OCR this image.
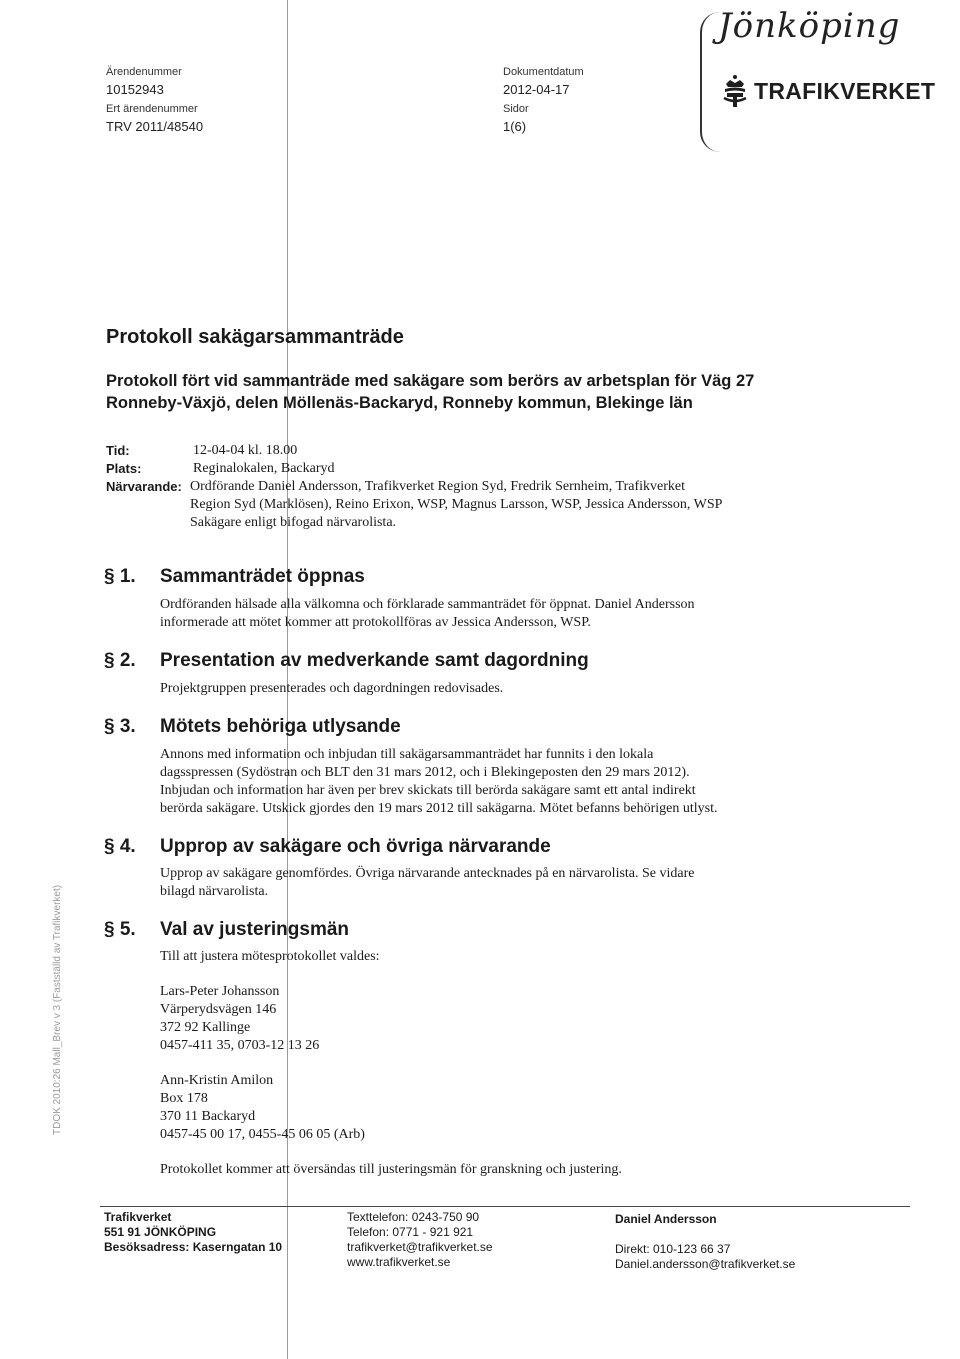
Ärendenummer
10152943
Ert ärendenummer
TRV 2011/48540
Dokumentdatum
2012-04-17
Sidor
1(6)
Jönköping
TRAFIKVERKET
Protokoll sakägarsammanträde
Protokoll fört vid sammanträde med sakägare som berörs av arbetsplan för Väg 27
Ronneby-Växjö, delen Möllenäs-Backaryd, Ronneby kommun, Blekinge län
Tid:	12-04-04 kl. 18.00
Plats:	Reginalokalen, Backaryd
Närvarande: Ordförande Daniel Andersson, Trafikverket Region Syd, Fredrik Sernheim, Trafikverket
Region Syd (Marklösen), Reino Erixon, WSP, Magnus Larsson, WSP, Jessica Andersson, WSP
Sakägare enligt bifogad närvarolista.
§ 1. Sammanträdet öppnas
Ordföranden hälsade alla välkomna och förklarade sammanträdet för öppnat. Daniel Andersson
informerade att mötet kommer att protokollföras av Jessica Andersson, WSP.
§ 2. Presentation av medverkande samt dagordning
Projektgruppen presenterades och dagordningen redovisades.
§ 3. Mötets behöriga utlysande
Annons med information och inbjudan till sakägarsammanträdet har funnits i den lokala
dagsspressen (Sydöstran och BLT den 31 mars 2012, och i Blekingeposten den 29 mars 2012).
Inbjudan och information har även per brev skickats till berörda sakägare samt ett antal indirekt
berörda sakägare. Utskick gjordes den 19 mars 2012 till sakägarna. Mötet befanns behörigen utlyst.
§ 4. Upprop av sakägare och övriga närvarande
Upprop av sakägare genomfördes. Övriga närvarande antecknades på en närvarolista. Se vidare
bilagd närvarolista.
§ 5. Val av justeringsmän
Till att justera mötesprotokollet valdes:
Lars-Peter Johansson
Värperydsvägen 146
372 92 Kallinge
0457-411 35, 0703-12 13 26
Ann-Kristin Amilon
Box 178
370 11 Backaryd
0457-45 00 17, 0455-45 06 05 (Arb)
Protokollet kommer att översändas till justeringsmän för granskning och justering.
TDOK 2010:26 Mall_Brev v 3 (Fastställd av Trafikverket)
Trafikverket
551 91 JÖNKÖPING
Besöksadress: Kaserngatan 10
Texttelefon: 0243-750 90
Telefon: 0771 - 921 921
trafikverket@trafikverket.se
www.trafikverket.se
Daniel Andersson
Direkt: 010-123 66 37
Daniel.andersson@trafikverket.se
